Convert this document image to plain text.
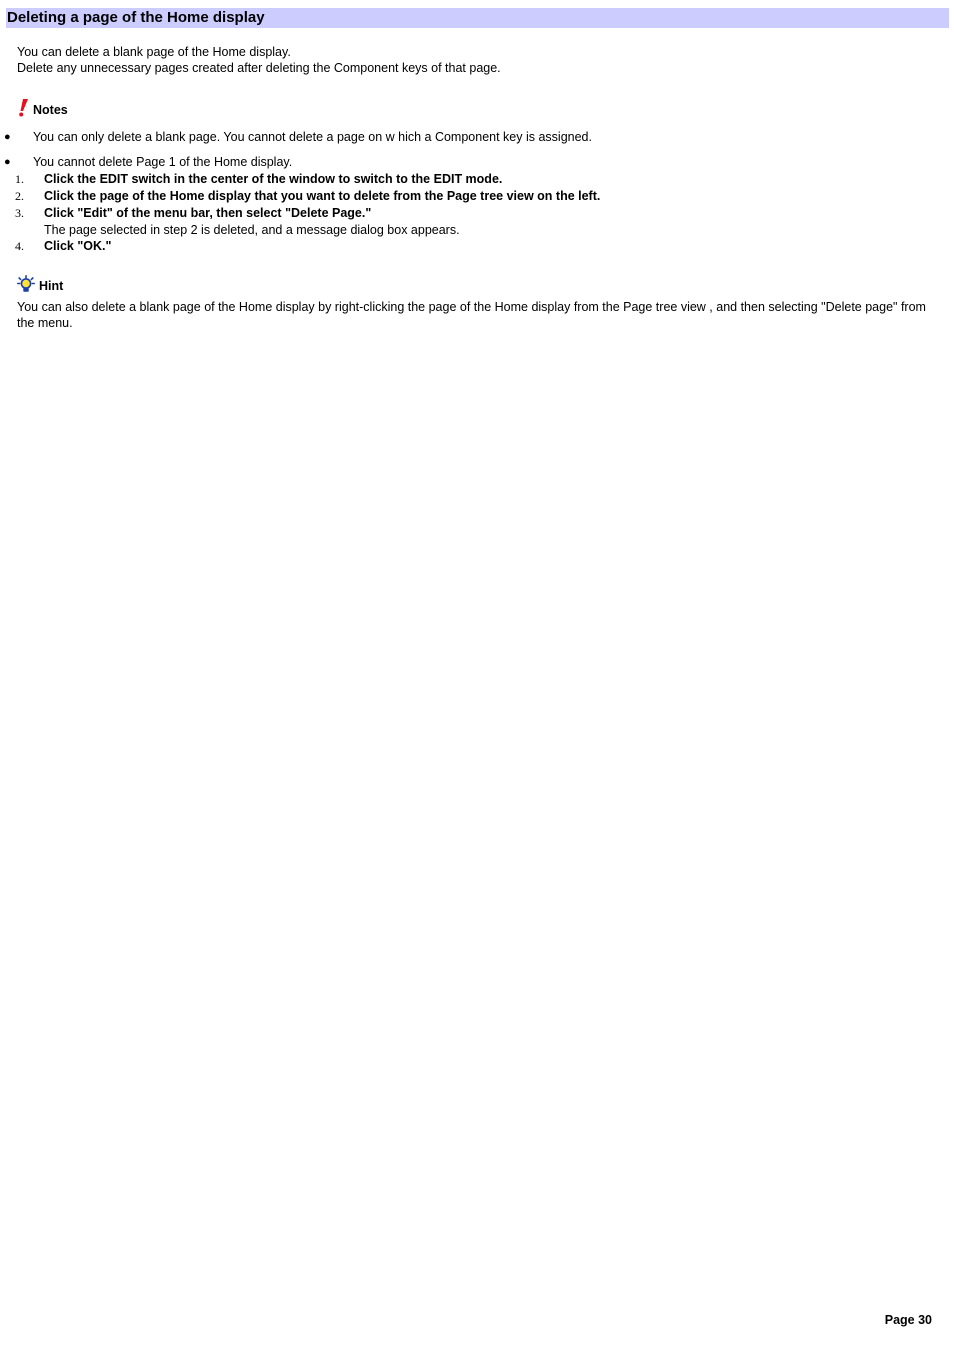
Deleting a page of the Home display

You can delete a blank page of the Home display.

Delete any unnecessary pages created after deleting the Component keys of that page.

Notes
●	You can only delete a blank page. You cannot delete a page on w hich a Component key is assigned.
●	You cannot delete Page 1 of the Home display.
1.	Click the EDIT switch in the center of the window to switch to the EDIT mode.
2.	Click the page of the Home display that you want to delete from the Page tree view on the left.
3.	Click "Edit" of the menu bar, then select "Delete Page."
The page selected in step 2 is deleted, and a message dialog box appears.
4.	Click "OK."
Hint
You can also delete a blank page of the Home display by right-clicking the page of the Home display from the Page tree view , and then selecting "Delete page" from the menu.
Page 30
